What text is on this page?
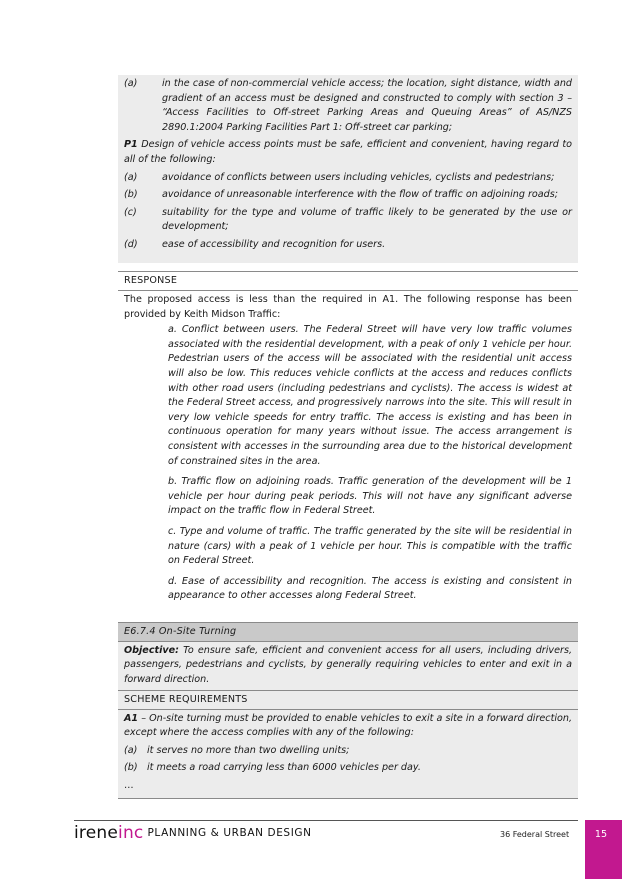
(a)	in the case of non-commercial vehicle access; the location, sight distance, width and gradient of an access must be designed and constructed to comply with section 3 – “Access Facilities to Off-street Parking Areas and Queuing Areas” of AS/NZS 2890.1:2004 Parking Facilities Part 1: Off-street car parking;

P1 Design of vehicle access points must be safe, efficient and convenient, having regard to all of the following:

(a)	avoidance of conflicts between users including vehicles, cyclists and pedestrians;
(b)	avoidance of unreasonable interference with the flow of traffic on adjoining roads;
(c)	suitability for the type and volume of traffic likely to be generated by the use or development;
(d)	ease of accessibility and recognition for users.
RESPONSE

The proposed access is less than the required in A1. The following response has been provided by Keith Midson Traffic:

a. Conflict between users. The Federal Street will have very low traffic volumes associated with the residential development, with a peak of only 1 vehicle per hour. Pedestrian users of the access will be associated with the residential unit access will also be low. This reduces vehicle conflicts at the access and reduces conflicts with other road users (including pedestrians and cyclists). The access is widest at the Federal Street access, and progressively narrows into the site. This will result in very low vehicle speeds for entry traffic. The access is existing and has been in continuous operation for many years without issue. The access arrangement is consistent with accesses in the surrounding area due to the historical development of constrained sites in the area.

b. Traffic flow on adjoining roads. Traffic generation of the development will be 1 vehicle per hour during peak periods. This will not have any significant adverse impact on the traffic flow in Federal Street.

c. Type and volume of traffic. The traffic generated by the site will be residential in nature (cars) with a peak of 1 vehicle per hour. This is compatible with the traffic on Federal Street.

d. Ease of accessibility and recognition. The access is existing and consistent in appearance to other accesses along Federal Street.

E6.7.4 On-Site Turning

Objective: To ensure safe, efficient and convenient access for all users, including drivers, passengers, pedestrians and cyclists, by generally requiring vehicles to enter and exit in a forward direction.

SCHEME REQUIREMENTS

A1 – On-site turning must be provided to enable vehicles to exit a site in a forward direction, except where the access complies with any of the following:

(a)	it serves no more than two dwelling units;
(b) it meets a road carrying less than 6000 vehicles per day.

…

ireneinc PLANNING & URBAN DESIGN	36 Federal Street	15
